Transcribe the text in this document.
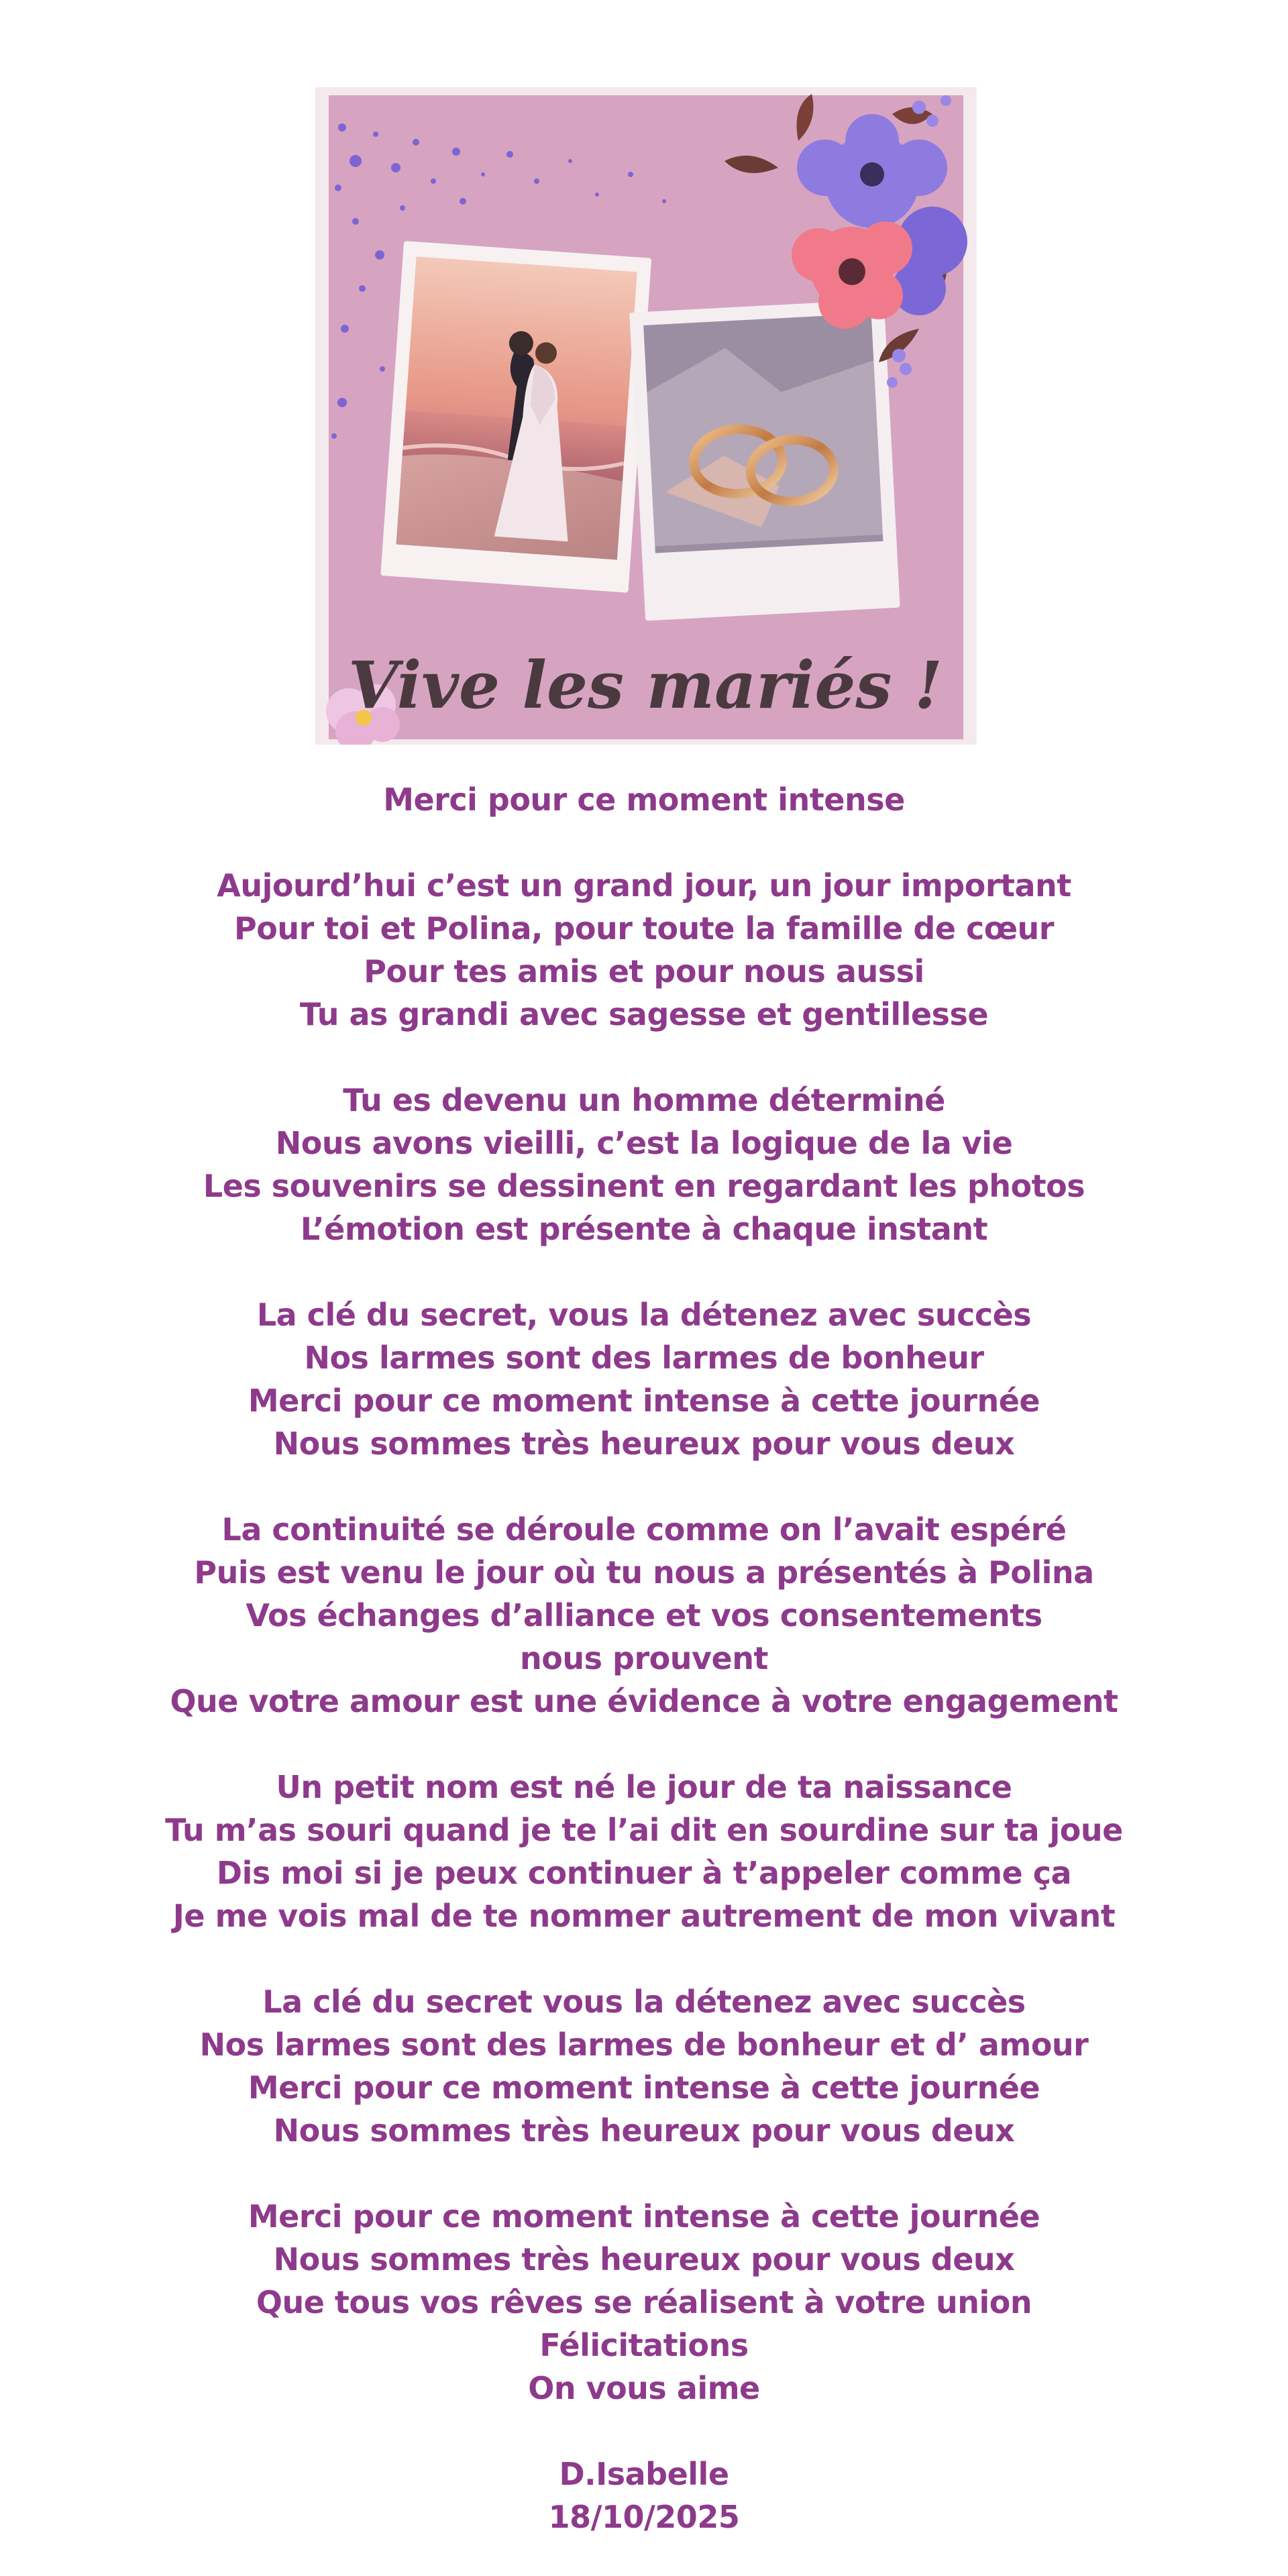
Vive les mariés !
Merci pour ce moment intense
Aujourd’hui c’est un grand jour, un jour important
Pour toi et Polina, pour toute la famille de cœur
Pour tes amis et pour nous aussi
Tu as grandi avec sagesse et gentillesse
Tu es devenu un homme déterminé
Nous avons vieilli, c’est la logique de la vie
Les souvenirs se dessinent en regardant les photos
L’émotion est présente à chaque instant
La clé du secret, vous la détenez avec succès
Nos larmes sont des larmes de bonheur
Merci pour ce moment intense à cette journée
Nous sommes très heureux pour vous deux
La continuité se déroule comme on l’avait espéré
Puis est venu le jour où tu nous a présentés à Polina
Vos échanges d’alliance et vos consentements nous prouvent
Que votre amour est une évidence à votre engagement
Un petit nom est né le jour de ta naissance
Tu m’as souri quand je te l’ai dit en sourdine sur ta joue
Dis moi si je peux continuer à t’appeler comme ça
Je me vois mal de te nommer autrement de mon vivant
La clé du secret vous la détenez avec succès
Nos larmes sont des larmes de bonheur et d’ amour
Merci pour ce moment intense à cette journée
Nous sommes très heureux pour vous deux
Merci pour ce moment intense à cette journée
Nous sommes très heureux pour vous deux
Que tous vos rêves se réalisent à votre union
Félicitations
On vous aime
D.Isabelle
18/10/2025
